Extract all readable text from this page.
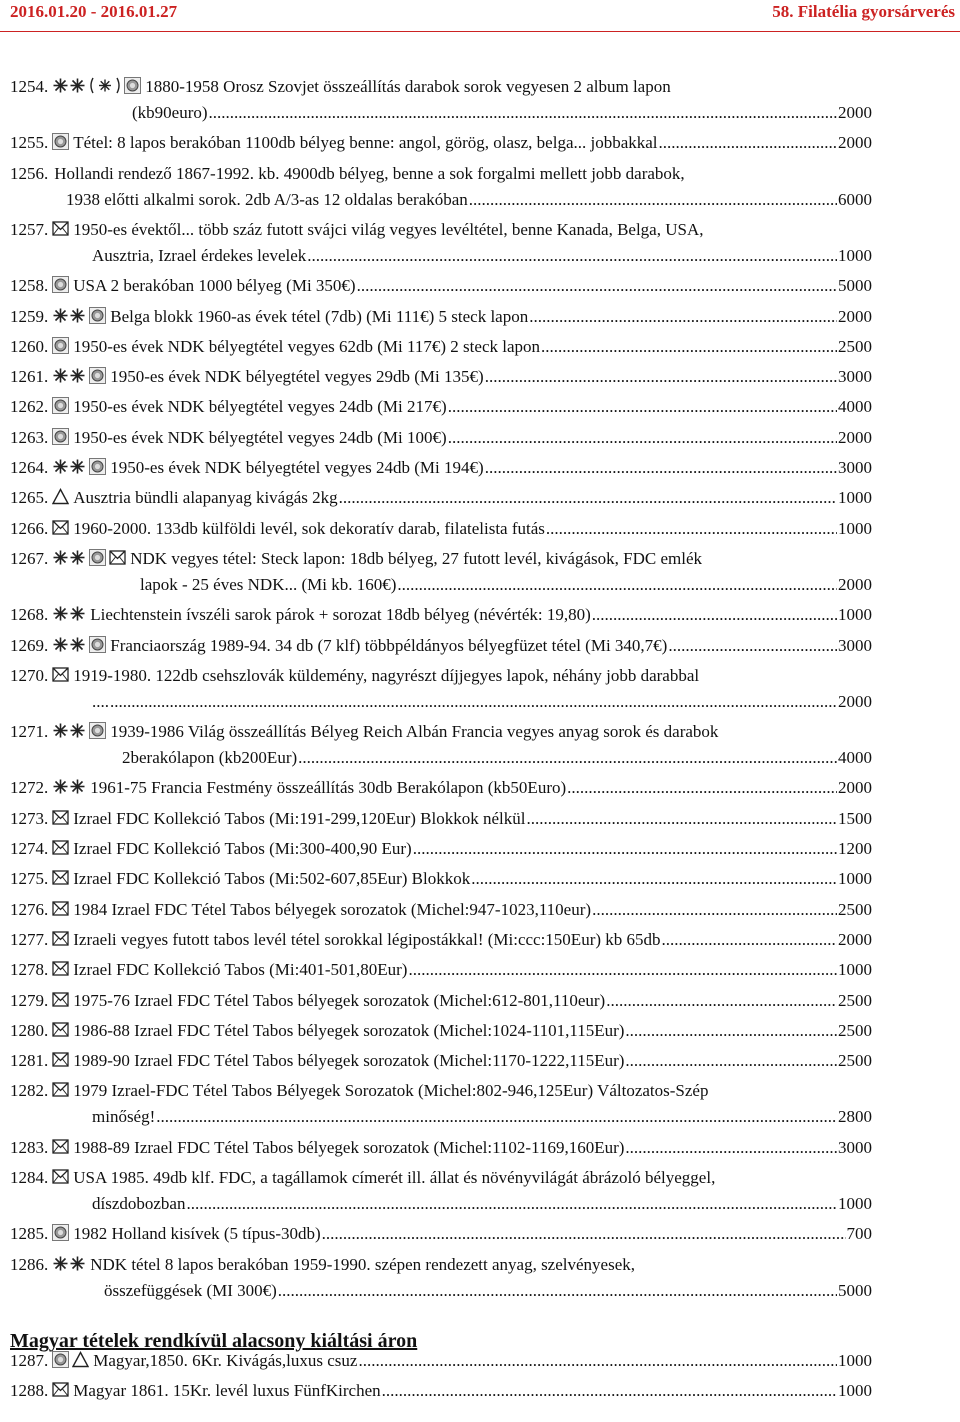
2016.01.20 - 2016.01.27	58. Filatélia gyorsárverés
1254.	1880-1958 Orosz Szovjet összeállítás darabok sorok vegyesen 2 album lapon
(kb90euro) .....	2000
1255. Tétel: 8 lapos berakóban 1100db bélyeg benne: angol, görög, olasz, belga... jobbakkal .....	2000
1256. Hollandi rendező 1867-1992. kb. 4900db bélyeg, benne a sok forgalmi mellett jobb darabok,
1938 előtti alkalmi sorok. 2db A/3-as 12 oldalas berakóban .....	6000
1257. 1950-es évektől... több száz futott svájci világ vegyes levéltétel, benne Kanada, Belga, USA,
Ausztria, Izrael érdekes levelek .....	1000
1258. USA 2 berakóban 1000 bélyeg (Mi 350€) .....	5000
1259.	Belga blokk 1960-as évek tétel (7db) (Mi 111€) 5 steck lapon .....	2000
1260. 1950-es évek NDK bélyegtétel vegyes 62db (Mi 117€) 2 steck lapon .....	2500
1261.	1950-es évek NDK bélyegtétel vegyes 29db (Mi 135€) .....	3000
1262. 1950-es évek NDK bélyegtétel vegyes 24db (Mi 217€) .....	4000
1263. 1950-es évek NDK bélyegtétel vegyes 24db (Mi 100€) .....	2000
1264.	1950-es évek NDK bélyegtétel vegyes 24db (Mi 194€) .....	3000
1265. Ausztria bündli alapanyag kivágás 2kg .....	1000
1266. 1960-2000. 133db külföldi levél, sok dekoratív darab, filatelista futás .....	1000
1267.	NDK vegyes tétel: Steck lapon: 18db bélyeg, 27 futott levél, kivágások, FDC emlék
lapok - 25 éves NDK... (Mi kb. 160€) .....	2000
1268. Liechtenstein ívszéli sarok párok + sorozat 18db bélyeg (névérték: 19,80) .....	1000
1269.	Franciaország 1989-94. 34 db (7 klf) többpéldányos bélyegfüzet tétel (Mi 340,7€) .....	3000
1270. 1919-1980. 122db csehszlovák küldemény, nagyrészt díjjegyes lapok, néhány jobb darabbal
.... .....	2000
1271.	1939-1986 Világ összeállítás Bélyeg Reich Albán Francia vegyes anyag sorok és darabok
2berakólapon (kb200Eur) .....	4000
1272. 1961-75 Francia Festmény összeállítás 30db Berakólapon (kb50Euro) .....	2000
1273. Izrael FDC Kollekció Tabos (Mi:191-299,120Eur) Blokkok nélkül .....	1500
1274. Izrael FDC Kollekció Tabos (Mi:300-400,90 Eur) .....	1200
1275. Izrael FDC Kollekció Tabos (Mi:502-607,85Eur) Blokkok .....	1000
1276. 1984 Izrael FDC Tétel Tabos bélyegek sorozatok (Michel:947-1023,110eur) .....	2500
1277. Izraeli vegyes futott tabos levél tétel sorokkal légipostákkal! (Mi:ccc:150Eur) kb 65db .....	2000
1278. Izrael FDC Kollekció Tabos (Mi:401-501,80Eur) .....	1000
1279. 1975-76 Izrael FDC Tétel Tabos bélyegek sorozatok (Michel:612-801,110eur) .....	2500
1280. 1986-88 Izrael FDC Tétel Tabos bélyegek sorozatok (Michel:1024-1101,115Eur) .....	2500
1281. 1989-90 Izrael FDC Tétel Tabos bélyegek sorozatok (Michel:1170-1222,115Eur) .....	2500
1282. 1979 Izrael-FDC Tétel Tabos Bélyegek Sorozatok (Michel:802-946,125Eur) Változatos-Szép
minőség! .....	2800
1283. 1988-89 Izrael FDC Tétel Tabos bélyegek sorozatok (Michel:1102-1169,160Eur) .....	3000
1284. USA 1985. 49db klf. FDC, a tagállamok címerét ill. állat és növényvilágát ábrázoló bélyeggel,
díszdobozban .....	1000
1285. 1982 Holland kisívek (5 típus-30db) .....	700
1286. NDK tétel 8 lapos berakóban 1959-1990. szépen rendezett anyag, szelvényesek,
összefüggések (MI 300€) .....	5000
1287.	Magyar,1850. 6Kr. Kivágás,luxus csuz .....	1000
1288. Magyar 1861. 15Kr. levél luxus FünfKirchen .....	1000
Magyar tételek rendkívül alacsony kiáltási áron
